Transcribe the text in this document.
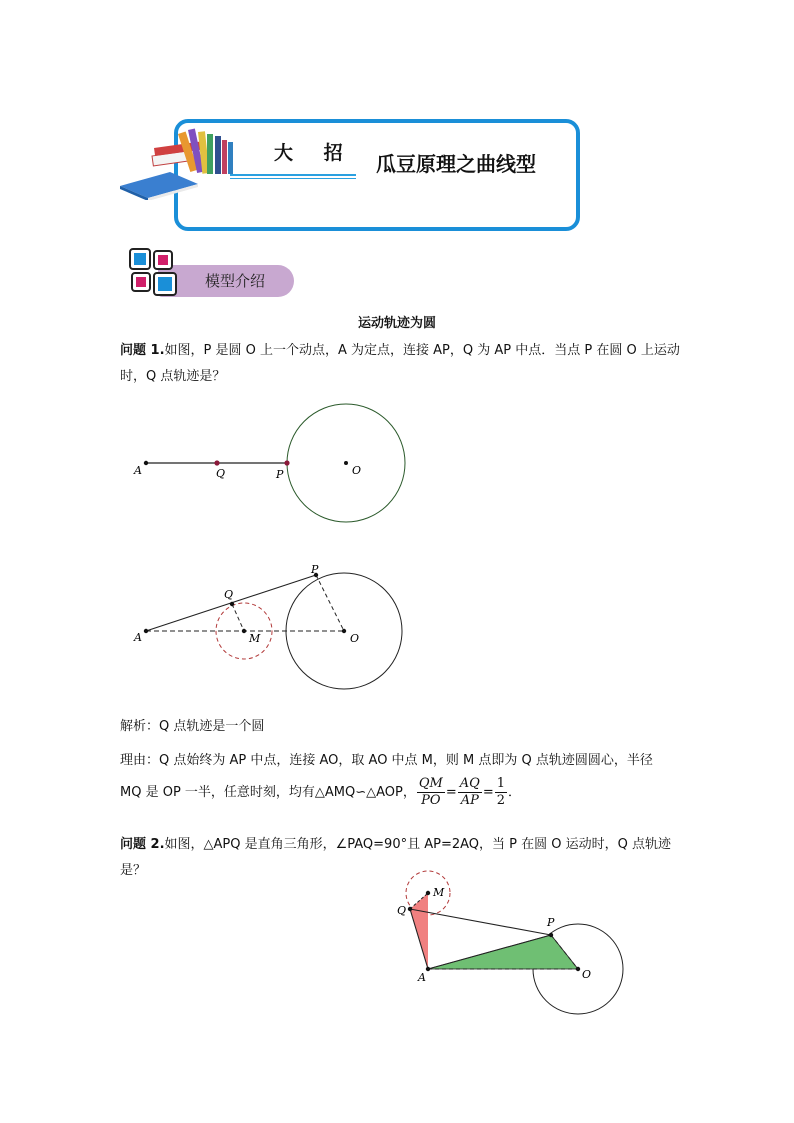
大 招 瓜豆原理之曲线型
模型介绍
运动轨迹为圆
问题 1.如图，P 是圆 O 上一个动点，A 为定点，连接 AP，Q 为 AP 中点．当点 P 在圆 O 上运动时，Q 点轨迹是？
A	Q	P	O
A
Q
M
P
O
解析：Q 点轨迹是一个圆
理由：Q 点始终为 AP 中点，连接 AO，取 AO 中点 M，则 M 点即为 Q 点轨迹圆圆心，半径
MQ 是 OP 一半，任意时刻，均有△AMQ∽△AOP， $\frac{QM}{PO} = \frac{AQ}{AP} = \frac{1}{2}$ ．
问题 2.如图，△APQ 是直角三角形，∠PAQ=90°且 AP=2AQ，当 P 在圆 O 运动时，Q 点轨迹是？
Q
M
P
A	O
